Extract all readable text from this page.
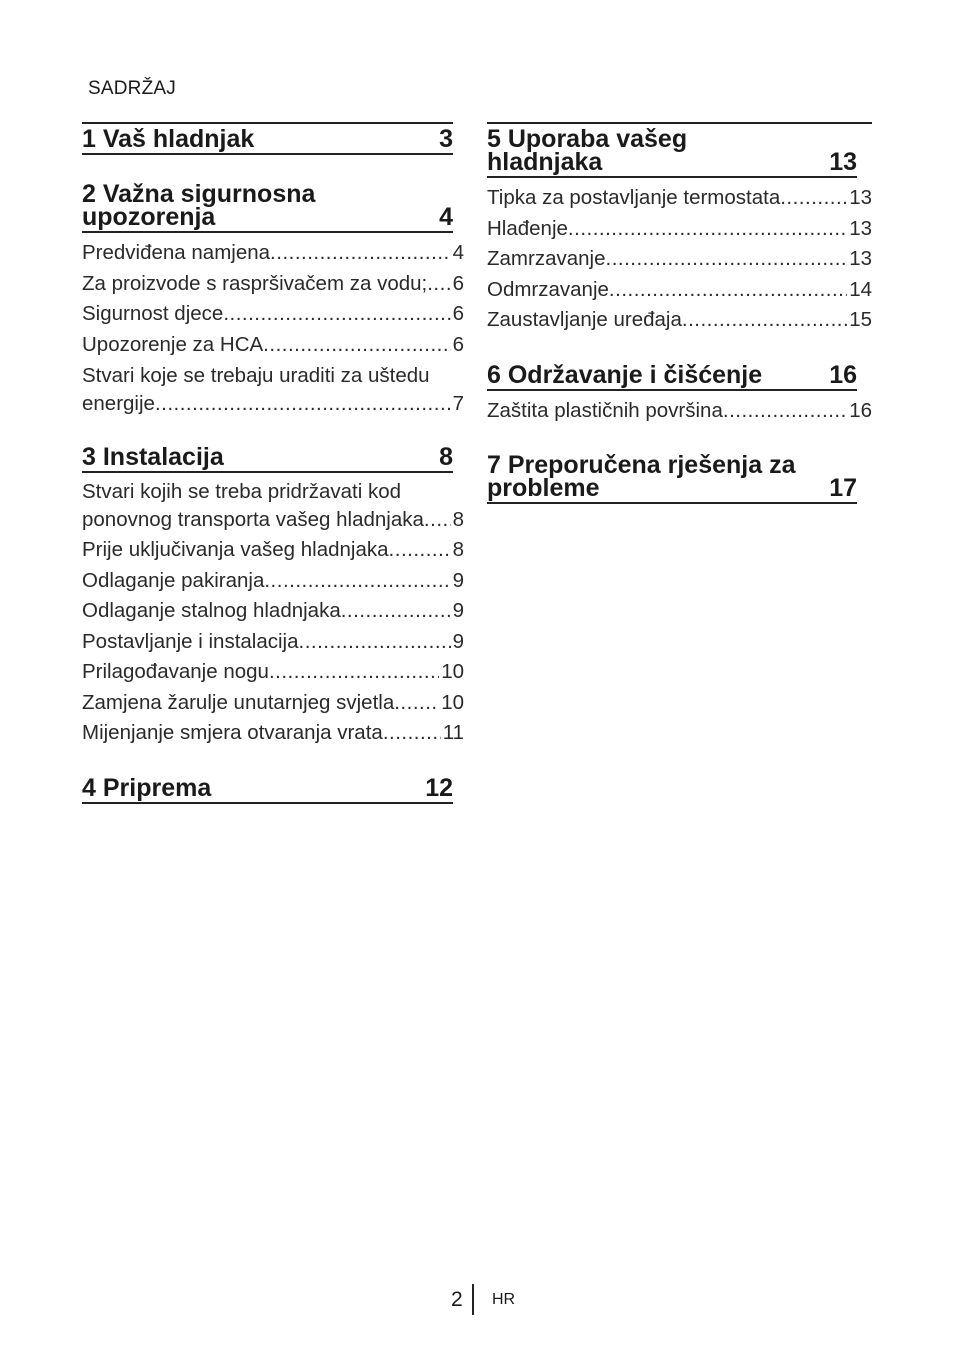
SADRŽAJ
1 Vaš hladnjak	3
2 Važna sigurnosna
upozorenja	4
Predviđena namjena .....	4
Za proizvode s raspršivačem za vodu; ..... 6
Sigurnost djece .....	6
Upozorenje za HCA .....	6
Stvari koje se trebaju uraditi za uštedu
energije .....	7
3 Instalacija	8
Stvari kojih se treba pridržavati kod
ponovnog transporta vašeg hladnjaka ..... 8
Prije uključivanja vašeg hladnjaka .....	8
Odlaganje pakiranja .....	9
Odlaganje stalnog hladnjaka .....	9
Postavljanje i instalacija .....	9
Prilagođavanje nogu .....	10
Zamjena žarulje unutarnjeg svjetla ..... 10
Mijenjanje smjera otvaranja vrata .....	11
4 Priprema	12
5 Uporaba vašeg
hladnjaka	13
Tipka za postavljanje termostata .....	13
Hlađenje .....	13
Zamrzavanje .....	13
Odmrzavanje .....	14
Zaustavljanje uređaja .....	15
6 Održavanje i čišćenje	16
Zaštita plastičnih površina .....	16
7 Preporučena rješenja za
probleme	17
2 HR
